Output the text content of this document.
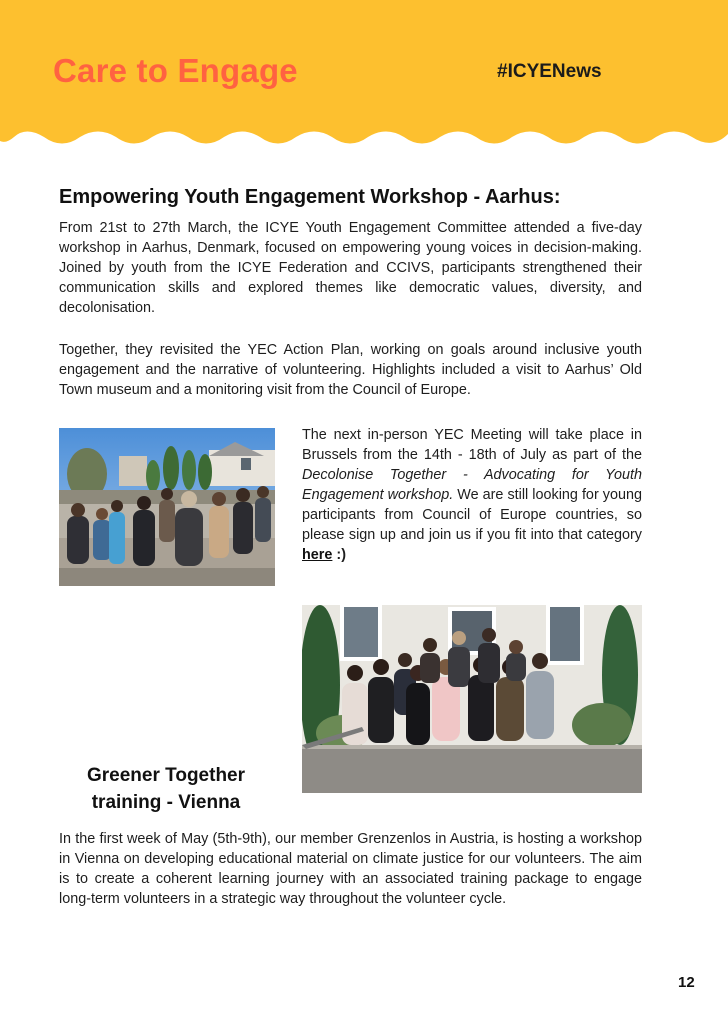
Care to Engage	#ICYENews
Empowering Youth Engagement Workshop - Aarhus:

From 21st to 27th March, the ICYE Youth Engagement Committee attended a five-day workshop in Aarhus, Denmark, focused on empowering young voices in decision-making. Joined by youth from the ICYE Federation and CCIVS, participants strengthened their communication skills and explored themes like democratic values, diversity, and decolonisation.

Together, they revisited the YEC Action Plan, working on goals around inclusive youth engagement and the narrative of volunteering. Highlights included a visit to Aarhus’ Old Town museum and a monitoring visit from the Council of Europe.

The next in-person YEC Meeting will take place in Brussels from the 14th - 18th of July as part of the Decolonise Together - Advocating for Youth Engagement workshop. We are still looking for young participants from Council of Europe countries, so please sign up and join us if you fit into that category here :)

Greener Together training - Vienna

In the first week of May (5th-9th), our member Grenzenlos in Austria, is hosting a workshop in Vienna on developing educational material on climate justice for our volunteers. The aim is to create a coherent learning journey with an associated training package to engage long-term volunteers in a strategic way throughout the volunteer cycle.

12
